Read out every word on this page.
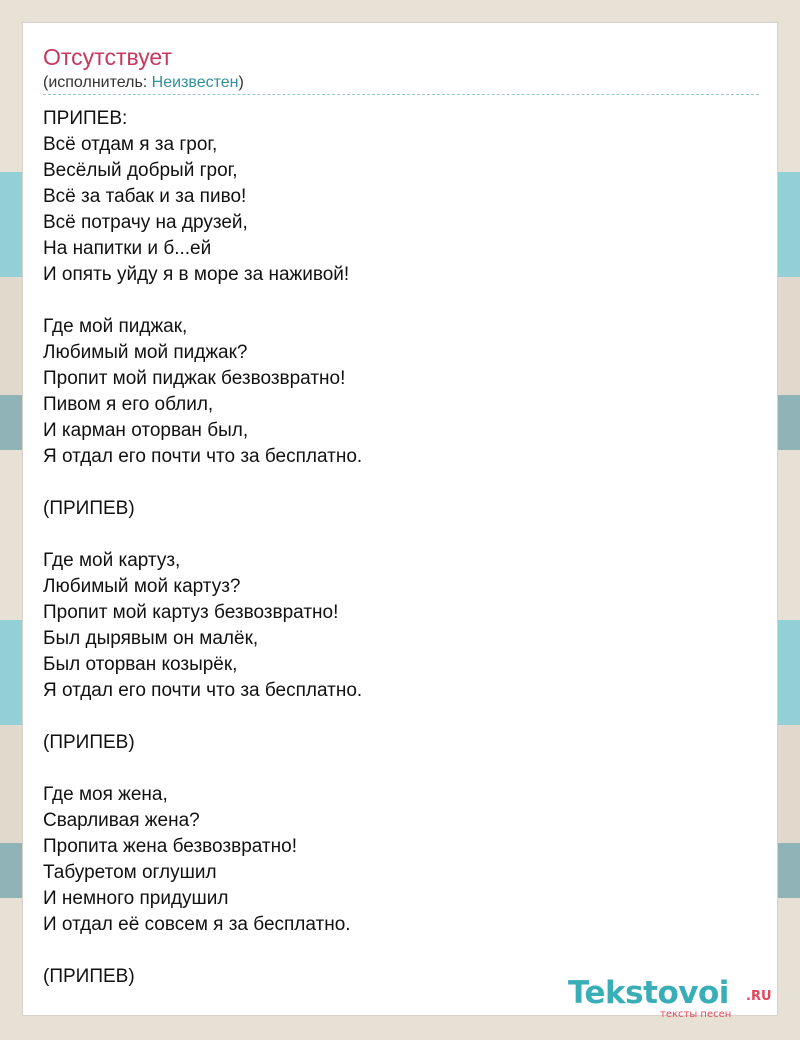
Отсутствует
(исполнитель: Неизвестен)
ПРИПЕВ:
Всё отдам я за грог,
Весёлый добрый грог,
Всё за табак и за пиво!
Всё потрачу на друзей,
На напитки и б...ей
И опять уйду я в море за наживой!

Где мой пиджак,
Любимый мой пиджак?
Пропит мой пиджак безвозвратно!
Пивом я его облил,
И карман оторван был,
Я отдал его почти что за бесплатно.

(ПРИПЕВ)

Где мой картуз,
Любимый мой картуз?
Пропит мой картуз безвозвратно!
Был дырявым он малёк,
Был оторван козырёк,
Я отдал его почти что за бесплатно.

(ПРИПЕВ)

Где моя жена,
Сварливая жена?
Пропита жена безвозвратно!
Табуретом оглушил
И немного придушил
И отдал её совсем я за бесплатно.

(ПРИПЕВ)	Tekstovoi .RU
тексты песен
